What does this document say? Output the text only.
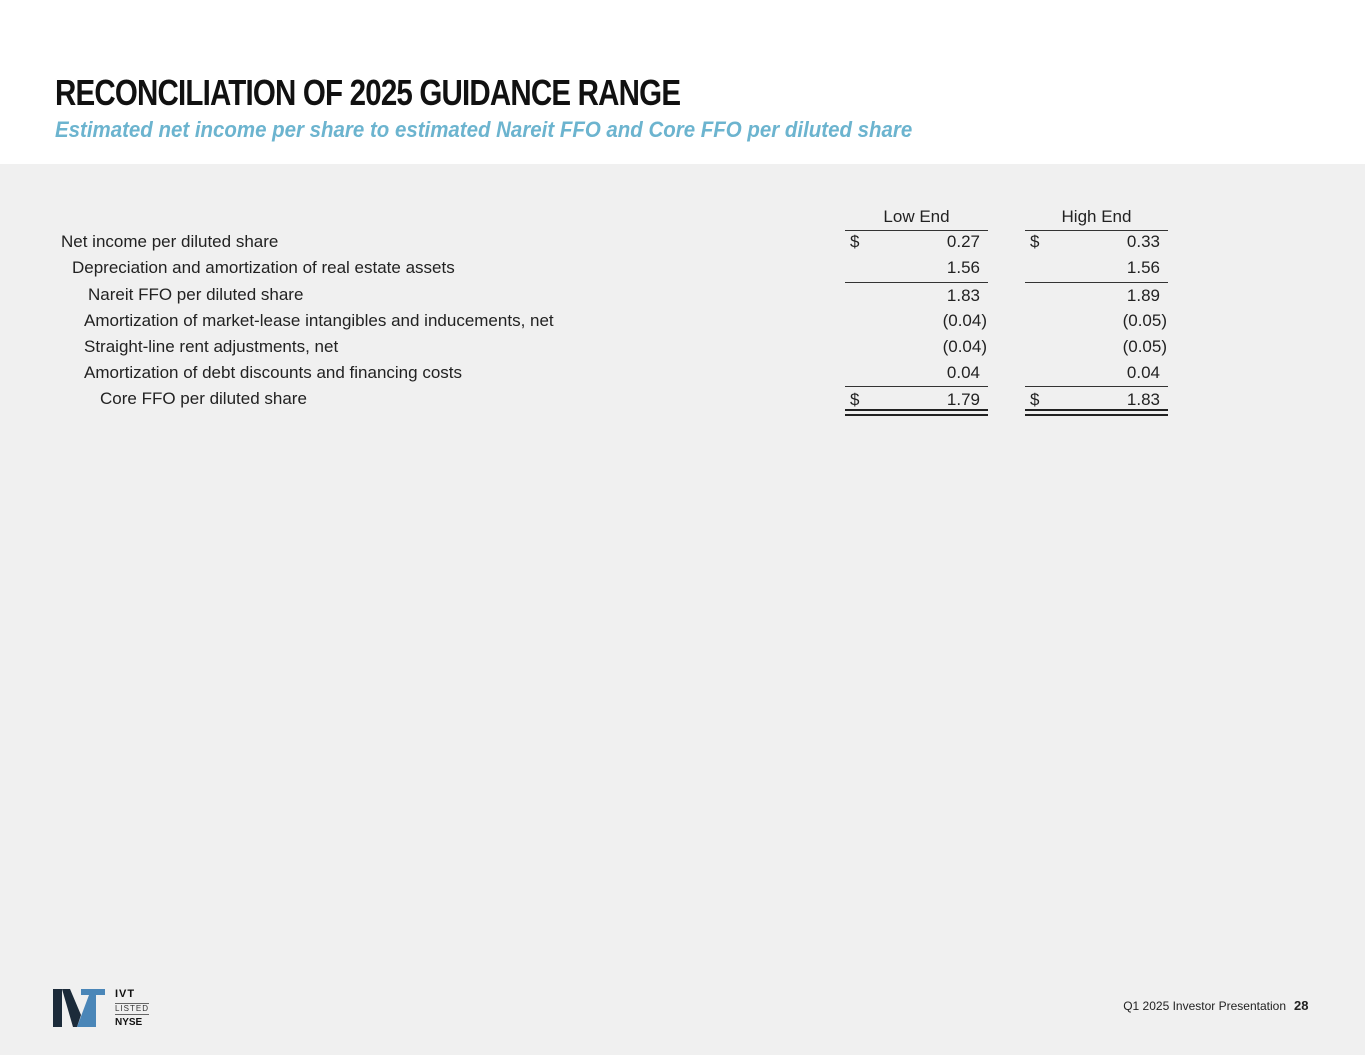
RECONCILIATION OF 2025 GUIDANCE RANGE
Estimated net income per share to estimated Nareit FFO and Core FFO per diluted share
Low End	High End
Net income per diluted share	$	0.27	$	0.33
Depreciation and amortization of real estate assets	1.56	1.56
Nareit FFO per diluted share	1.83	1.89
Amortization of market-lease intangibles and inducements, net	(0.04)	(0.05)
Straight-line rent adjustments, net	(0.04)	(0.05)
Amortization of debt discounts and financing costs	0.04	0.04
Core FFO per diluted share	$	1.79	$	1.83
IVT
LISTED
NYSE
Q1 2025 Investor Presentation 28
